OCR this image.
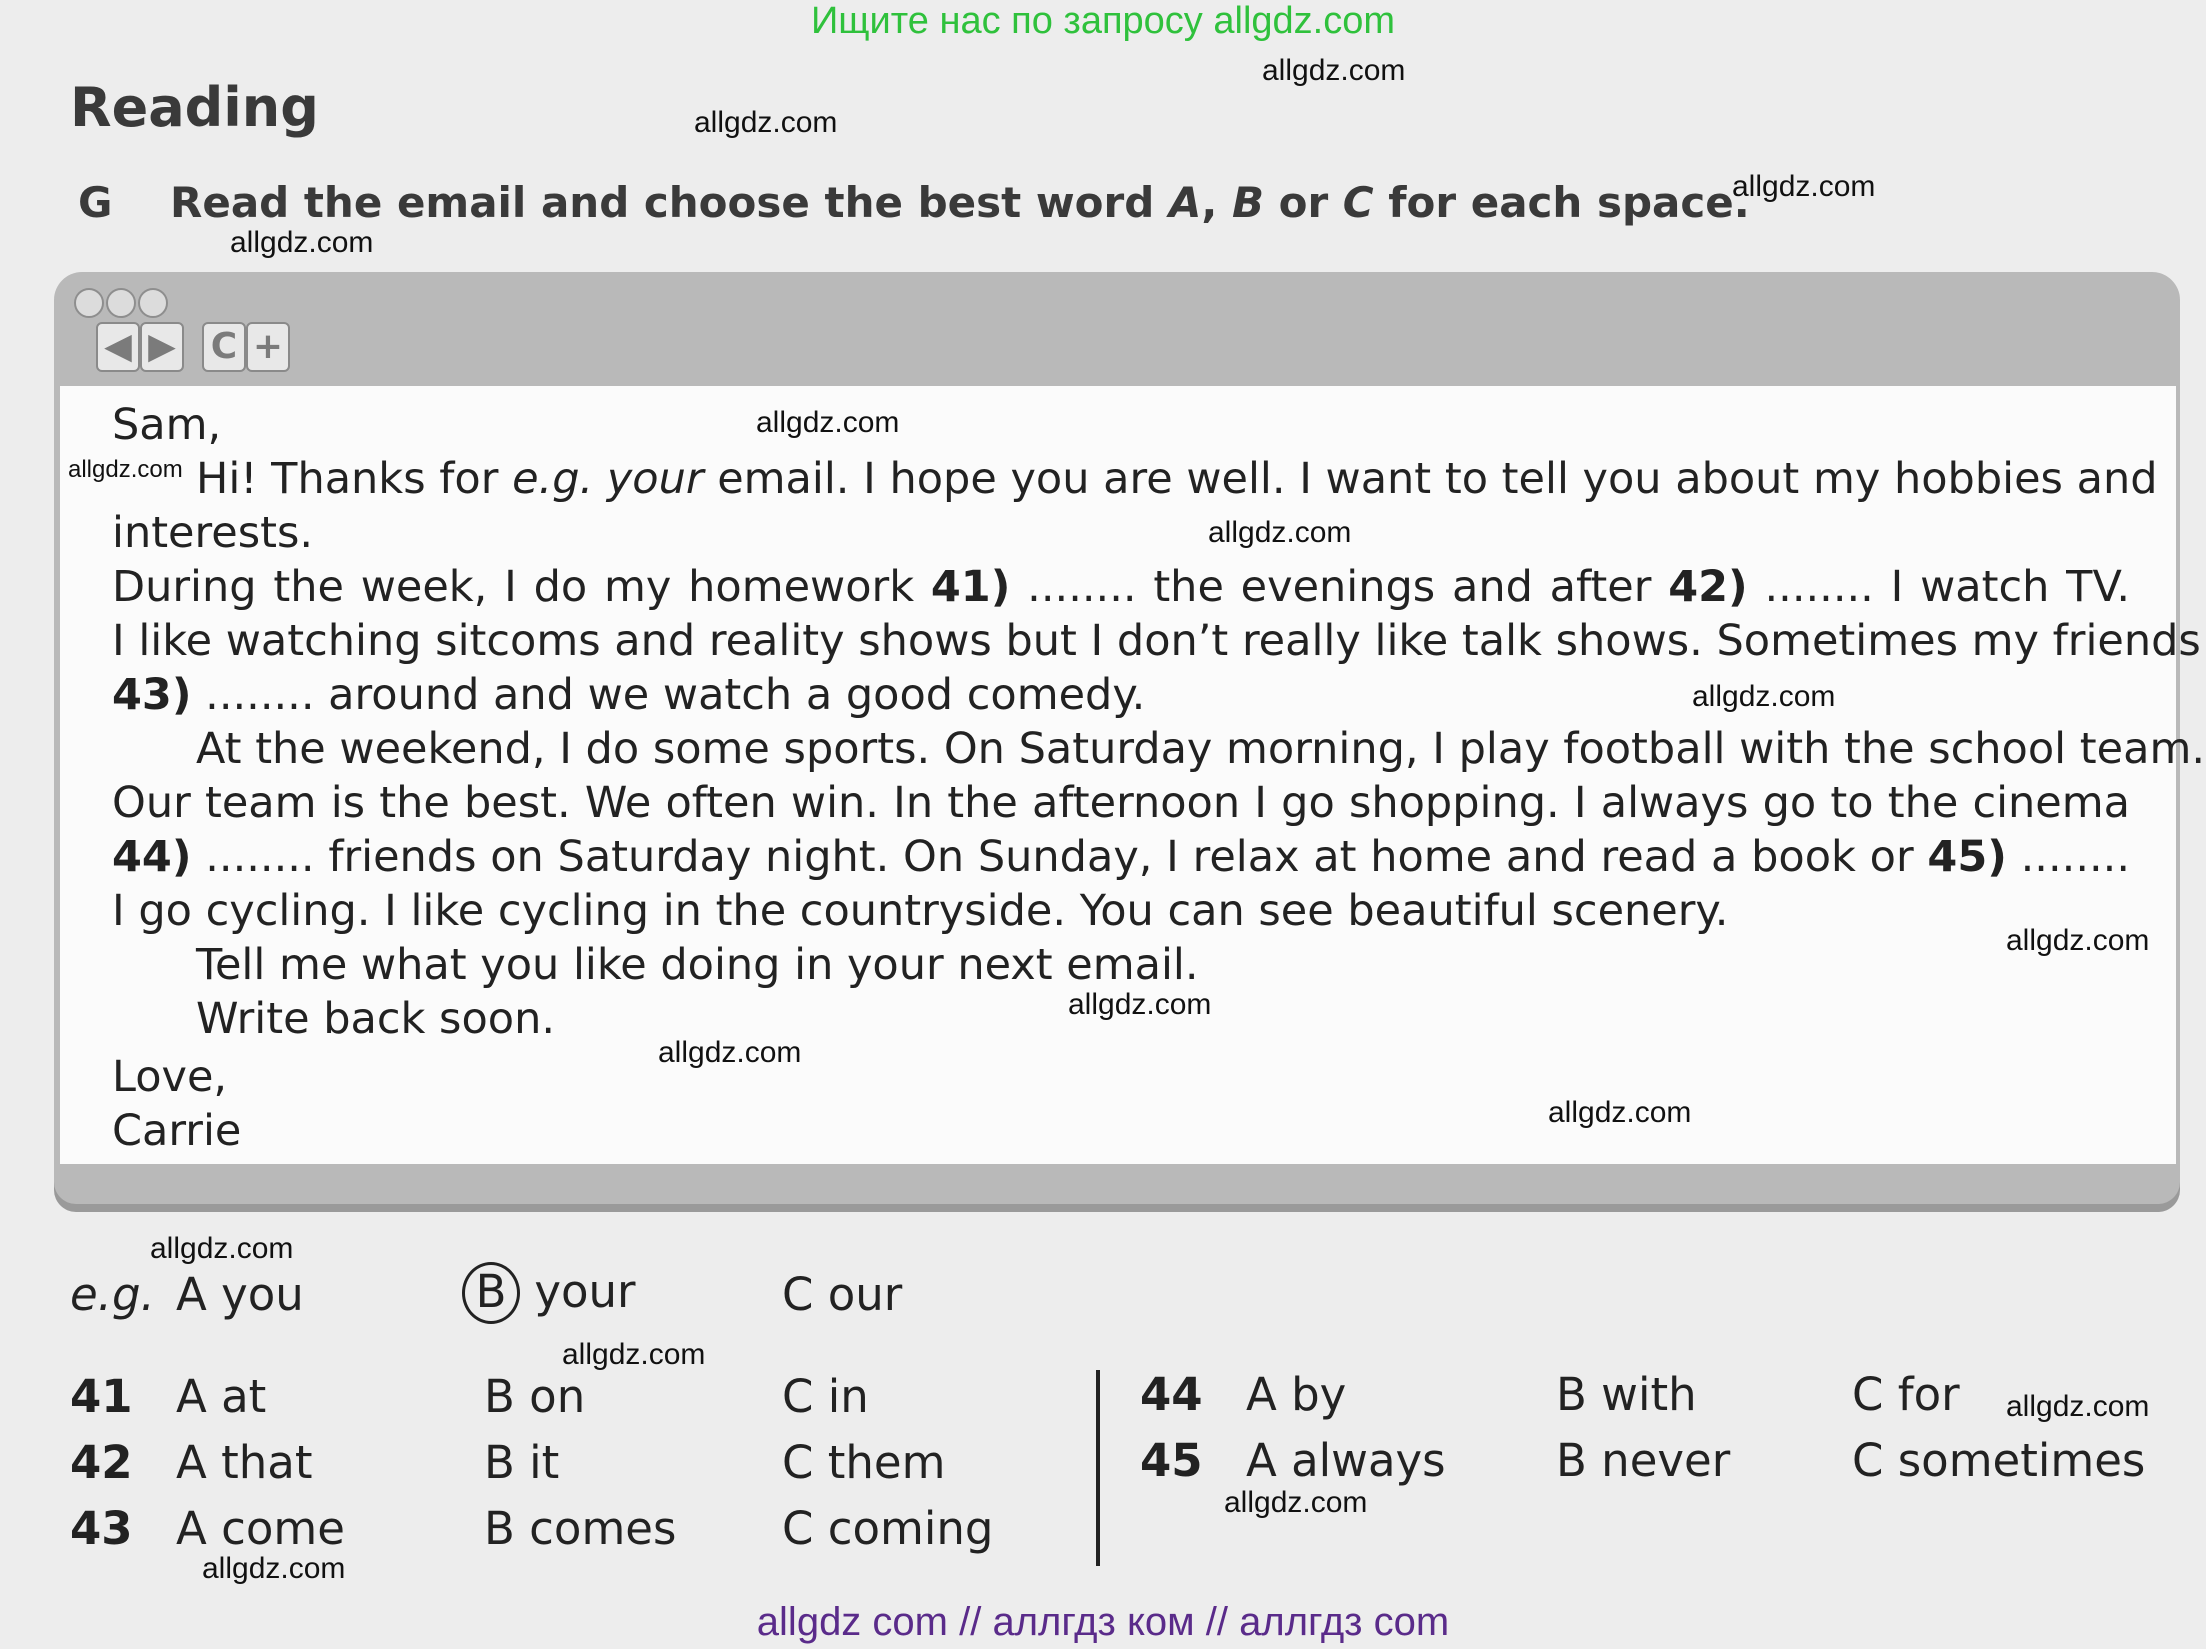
Ищите нас по запросу allgdz.com
Reading
G Read the email and choose the best word A, B or C for each space.
◀ ▶ C +
Sam,
Hi! Thanks for e.g. your email. I hope you are well. I want to tell you about my hobbies and
interests.
During the week, I do my homework 41) ........ the evenings and after 42) ........ I watch TV.
I like watching sitcoms and reality shows but I don’t really like talk shows. Sometimes my friends
43) ........ around and we watch a good comedy.
At the weekend, I do some sports. On Saturday morning, I play football with the school team.
Our team is the best. We often win. In the afternoon I go shopping. I always go to the cinema
44) ........ friends on Saturday night. On Sunday, I relax at home and read a book or 45) ........
I go cycling. I like cycling in the countryside. You can see beautiful scenery.
Tell me what you like doing in your next email.
Write back soon.
Love,
Carrie
e.g. A you	B your	C our
41 A at	B on	C in
42 A that	B it	C them
43 A come	B comes C coming
44 A by	B with	C for
45 A always B never	C sometimes
allgdz.com
allgdz.com
allgdz.com
allgdz.com
allgdz.com
allgdz.com
allgdz.com
allgdz.com
allgdz.com
allgdz.com
allgdz.com
allgdz.com
allgdz.com
allgdz.com
allgdz.com
allgdz.com
allgdz.com
allgdz com // аллгдз ком // аллгдз com
